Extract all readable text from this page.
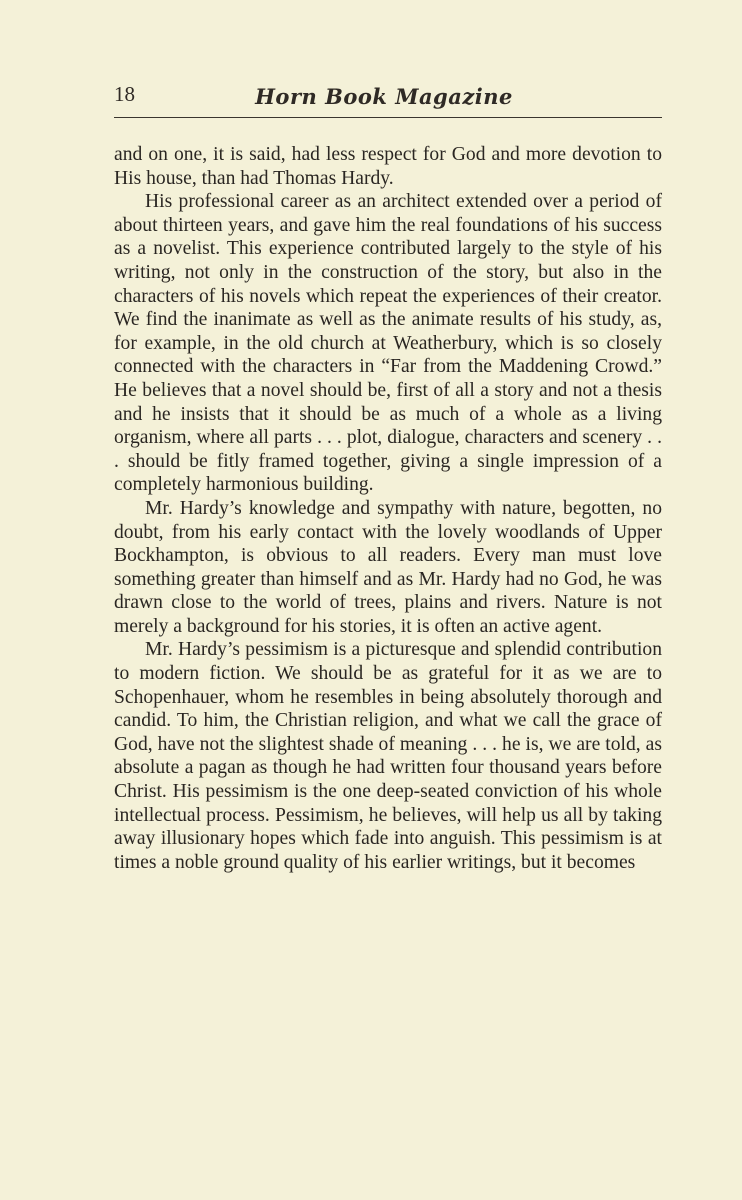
18	Horn Book Magazine

and on one, it is said, had less respect for God and more devotion to His house, than had Thomas Hardy.

His professional career as an architect extended over a period of about thirteen years, and gave him the real foundations of his success as a novelist. This experience contributed largely to the style of his writing, not only in the construction of the story, but also in the characters of his novels which repeat the experiences of their creator. We find the inanimate as well as the animate results of his study, as, for example, in the old church at Weatherbury, which is so closely connected with the characters in “Far from the Maddening Crowd.” He believes that a novel should be, first of all a story and not a thesis and he insists that it should be as much of a whole as a living organism, where all parts . . . plot, dialogue, characters and scenery . . . should be fitly framed together, giving a single impression of a completely harmonious building.

Mr. Hardy’s knowledge and sympathy with nature, begotten, no doubt, from his early contact with the lovely woodlands of Upper Bockhampton, is obvious to all readers. Every man must love something greater than himself and as Mr. Hardy had no God, he was drawn close to the world of trees, plains and rivers. Nature is not merely a background for his stories, it is often an active agent.

Mr. Hardy’s pessimism is a picturesque and splendid contribution to modern fiction. We should be as grateful for it as we are to Schopenhauer, whom he resembles in being absolutely thorough and candid. To him, the Christian religion, and what we call the grace of God, have not the slightest shade of meaning . . . he is, we are told, as absolute a pagan as though he had written four thousand years before Christ. His pessimism is the one deep-seated conviction of his whole intellectual process. Pessimism, he believes, will help us all by taking away illusionary hopes which fade into anguish. This pessimism is at times a noble ground quality of his earlier writings, but it becomes
